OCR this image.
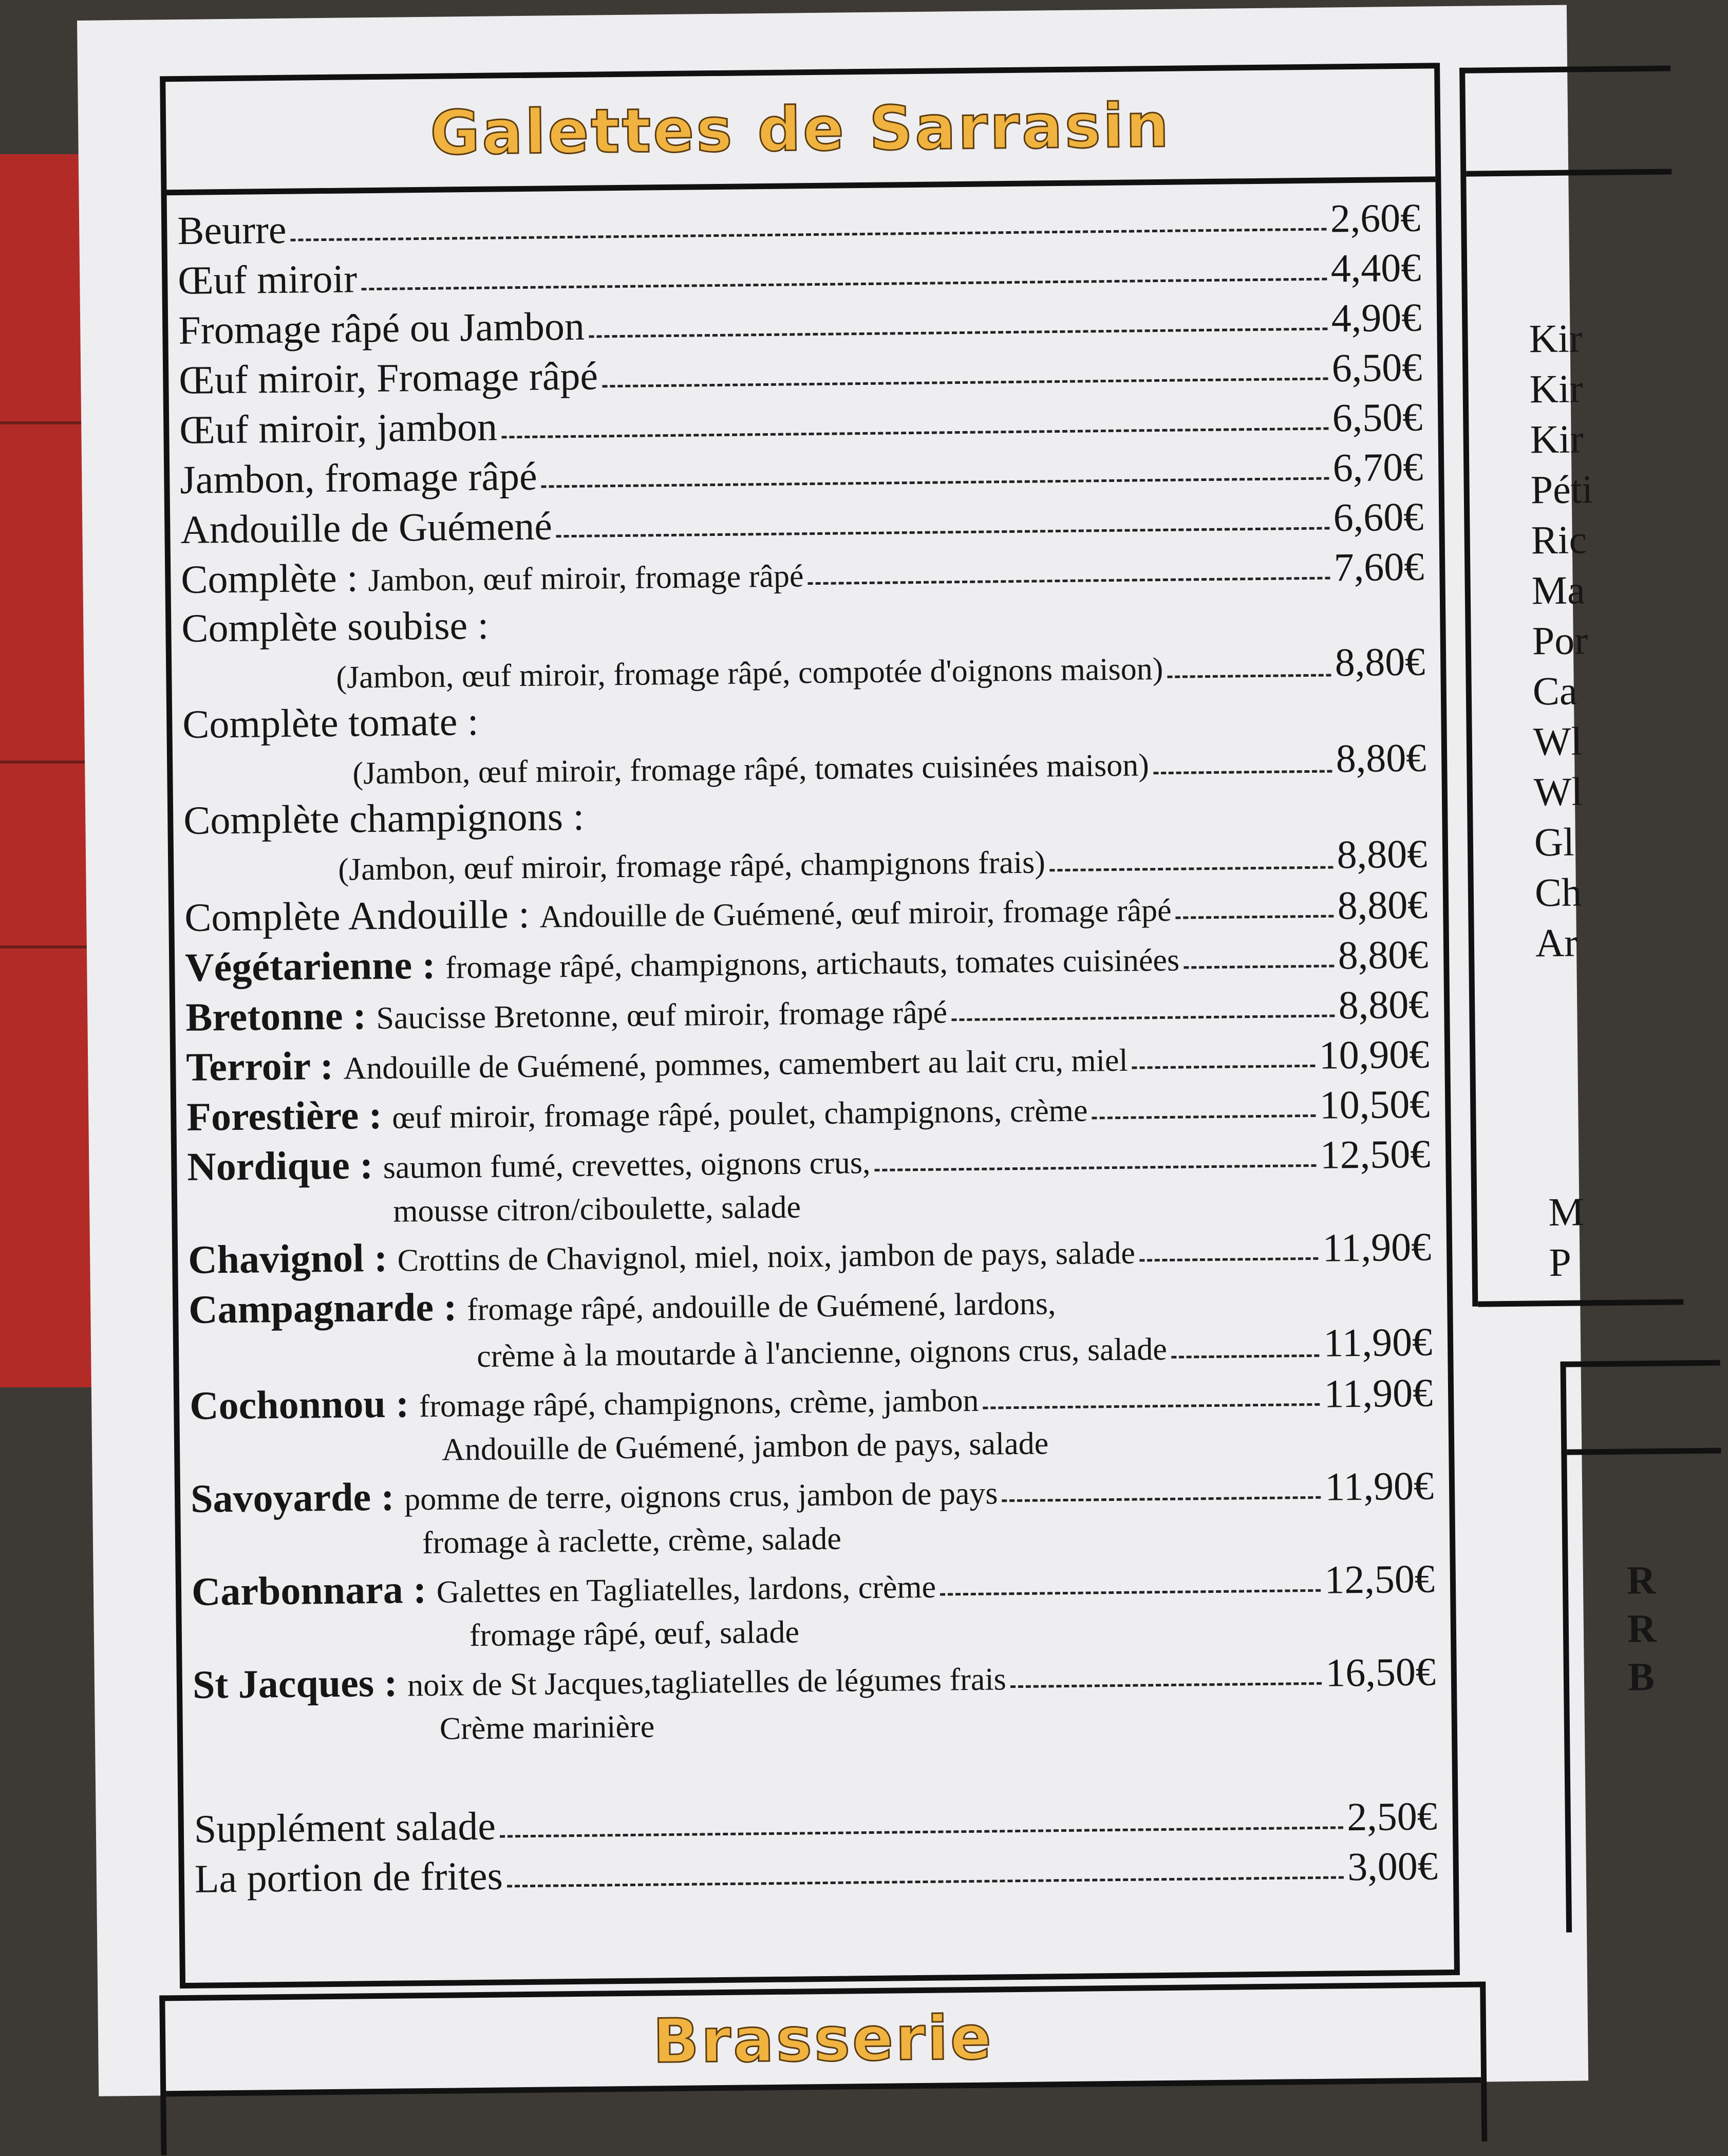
Galettes de Sarrasin
Beurre	2,60€
Œuf miroir	4,40€
Fromage râpé ou Jambon	4,90€
Œuf miroir, Fromage râpé	6,50€
Œuf miroir, jambon	6,50€
Jambon, fromage râpé	6,70€
Andouille de Guémené	6,60€
Complète : Jambon, œuf miroir, fromage râpé	7,60€
Complète soubise :
(Jambon, œuf miroir, fromage râpé, compotée d'oignons maison)	8,80€
Complète tomate :
(Jambon, œuf miroir, fromage râpé, tomates cuisinées maison)	8,80€
Complète champignons :
(Jambon, œuf miroir, fromage râpé, champignons frais)	8,80€
Complète Andouille : Andouille de Guémené, œuf miroir, fromage râpé	8,80€
Végétarienne : fromage râpé, champignons, artichauts, tomates cuisinées	8,80€
Bretonne : Saucisse Bretonne, œuf miroir, fromage râpé	8,80€
Terroir : Andouille de Guémené, pommes, camembert au lait cru, miel	10,90€
Forestière : œuf miroir, fromage râpé, poulet, champignons, crème	10,50€
Nordique : saumon fumé, crevettes, oignons crus,	12,50€
mousse citron/ciboulette, salade
Chavignol : Crottins de Chavignol, miel, noix, jambon de pays, salade	11,90€
Campagnarde : fromage râpé, andouille de Guémené, lardons,
crème à la moutarde à l'ancienne, oignons crus, salade	11,90€
Cochonnou : fromage râpé, champignons, crème, jambon	11,90€
Andouille de Guémené, jambon de pays, salade
Savoyarde : pomme de terre, oignons crus, jambon de pays	11,90€
fromage à raclette, crème, salade
Carbonnara : Galettes en Tagliatelles, lardons, crème	12,50€
fromage râpé, œuf, salade
St Jacques : noix de St Jacques,tagliatelles de légumes frais	16,50€
Crème marinière
Supplément salade	2,50€
La portion de frites	3,00€
Brasserie
Kir
Kir
Kir
Péti
Ric
Ma
Por
Ca
Wl
Wl
Gl
Ch
Ar
M
P
R
R
B
